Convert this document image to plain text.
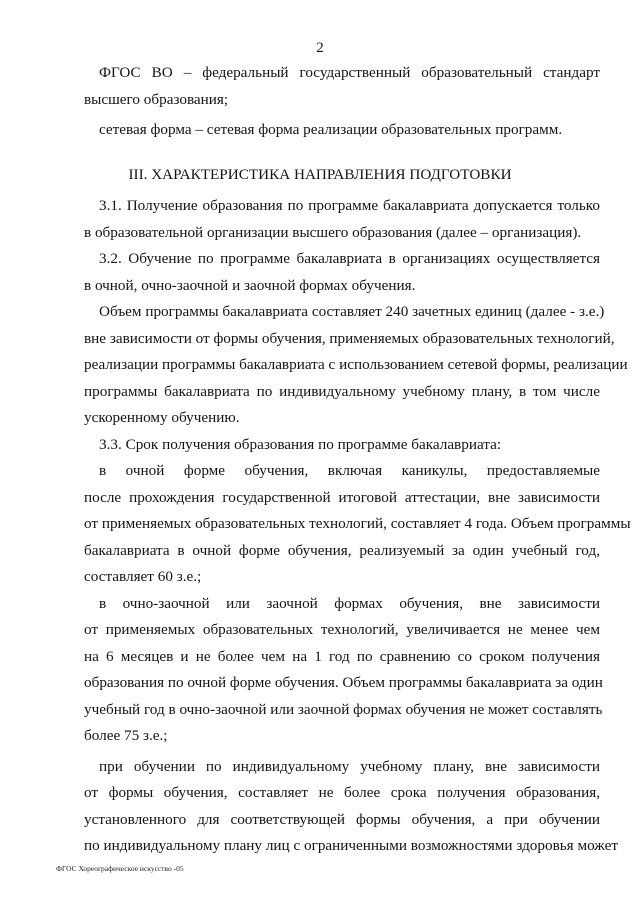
2
ФГОС ВО – федеральный государственный образовательный стандарт
высшего образования;
сетевая форма – сетевая форма реализации образовательных программ.
III. ХАРАКТЕРИСТИКА НАПРАВЛЕНИЯ ПОДГОТОВКИ
3.1. Получение образования по программе бакалавриата допускается только
в образовательной организации высшего образования (далее – организация).
3.2. Обучение по программе бакалавриата в организациях осуществляется
в очной, очно-заочной и заочной формах обучения.
Объем программы бакалавриата составляет 240 зачетных единиц (далее - з.е.)
вне зависимости от формы обучения, применяемых образовательных технологий,
реализации программы бакалавриата с использованием сетевой формы, реализации
программы бакалавриата по индивидуальному учебному плану, в том числе
ускоренному обучению.
3.3. Срок получения образования по программе бакалавриата:
в очной форме обучения, включая каникулы, предоставляемые
после прохождения государственной итоговой аттестации, вне зависимости
от применяемых образовательных технологий, составляет 4 года. Объем программы
бакалавриата в очной форме обучения, реализуемый за один учебный год,
составляет 60 з.е.;
в очно-заочной или заочной формах обучения, вне зависимости
от применяемых образовательных технологий, увеличивается не менее чем
на 6 месяцев и не более чем на 1 год по сравнению со сроком получения
образования по очной форме обучения. Объем программы бакалавриата за один
учебный год в очно-заочной или заочной формах обучения не может составлять
более 75 з.е.;
при обучении по индивидуальному учебному плану, вне зависимости
от формы обучения, составляет не более срока получения образования,
установленного для соответствующей формы обучения, а при обучении
по индивидуальному плану лиц с ограниченными возможностями здоровья может
ФГОС Хореографическое искусство -05
